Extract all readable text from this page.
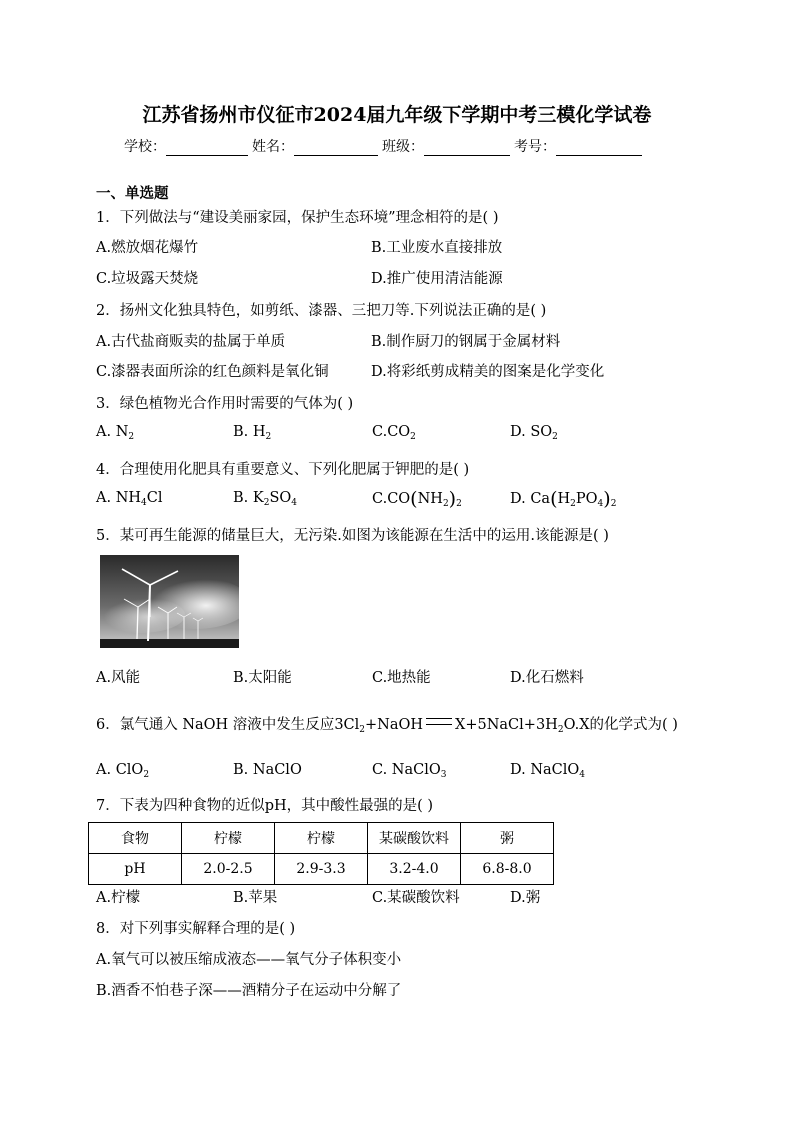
江苏省扬州市仪征市2024届九年级下学期中考三模化学试卷
学校：	姓名：	班级：	考号：
一、单选题
1．下列做法与“建设美丽家园，保护生态环境”理念相符的是( )
A.燃放烟花爆竹	B.工业废水直接排放
C.垃圾露天焚烧	D.推广使用清洁能源
2．扬州文化独具特色，如剪纸、漆器、三把刀等.下列说法正确的是( )
A.古代盐商贩卖的盐属于单质	B.制作厨刀的钢属于金属材料
C.漆器表面所涂的红色颜料是氧化铜	D.将彩纸剪成精美的图案是化学变化
3．绿色植物光合作用时需要的气体为( )
A. $N_2$	B. $H_2$	$C.CO_2$	D. $SO_2$
4．合理使用化肥具有重要意义、下列化肥属于钾肥的是( )
A. $NH_4Cl$	B. $K_2SO_4$	$C.CO(NH_2)_2$	D. $Ca(H_2PO_4)_2$
5．某可再生能源的储量巨大，无污染.如图为该能源在生活中的运用.该能源是( )
A.风能	B.太阳能	C.地热能	D.化石燃料
6．氯气通入 NaOH 溶液中发生反应$3Cl_2+NaOH$ $X+5NaCl+3H_2O.X$的化学式为( )
A. ClO$_2$	B. NaClO	C. NaClO$_3$	D. NaClO$_4$
7．下表为四种食物的近似pH，其中酸性最强的是( )
食物	柠檬	柠檬	某碳酸饮料	粥
pH	2.0-2.5	2.9-3.3	3.2-4.0	6.8-8.0
A.柠檬	B.苹果	C.某碳酸饮料	D.粥
8．对下列事实解释合理的是( )
A.氧气可以被压缩成液态——氧气分子体积变小
B.酒香不怕巷子深——酒精分子在运动中分解了
